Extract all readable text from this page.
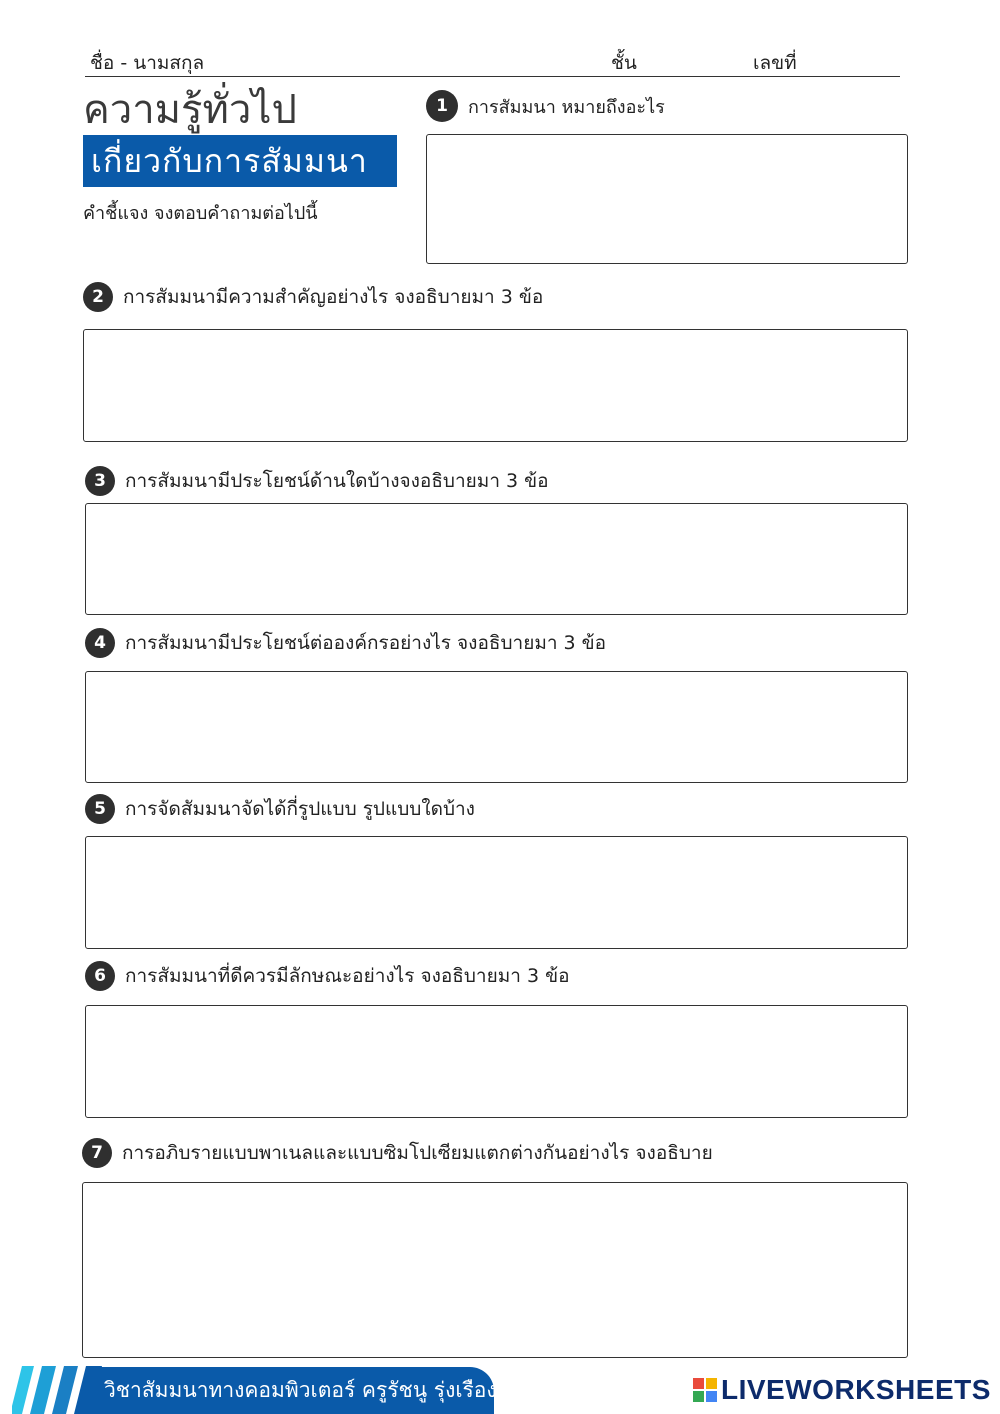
ชื่อ - นามสกุล	ชั้น	เลขที่
ความรู้ทั่วไป
เกี่ยวกับการสัมมนา
คำชี้แจง จงตอบคำถามต่อไปนี้
1	การสัมมนา หมายถึงอะไร
2	การสัมมนามีความสำคัญอย่างไร จงอธิบายมา 3 ข้อ
3	การสัมมนามีประโยชน์ด้านใดบ้างจงอธิบายมา 3 ข้อ
4	การสัมมนามีประโยชน์ต่อองค์กรอย่างไร จงอธิบายมา 3 ข้อ
5	การจัดสัมมนาจัดได้กี่รูปแบบ รูปแบบใดบ้าง
6	การสัมมนาที่ดีควรมีลักษณะอย่างไร จงอธิบายมา 3 ข้อ
7	การอภิบรายแบบพาเนลและแบบซิมโปเซียมแตกต่างกันอย่างไร จงอธิบาย
วิชาสัมมนาทางคอมพิวเตอร์ ครูรัชนู รุ่งเรือง	LIVEWORKSHEETS
